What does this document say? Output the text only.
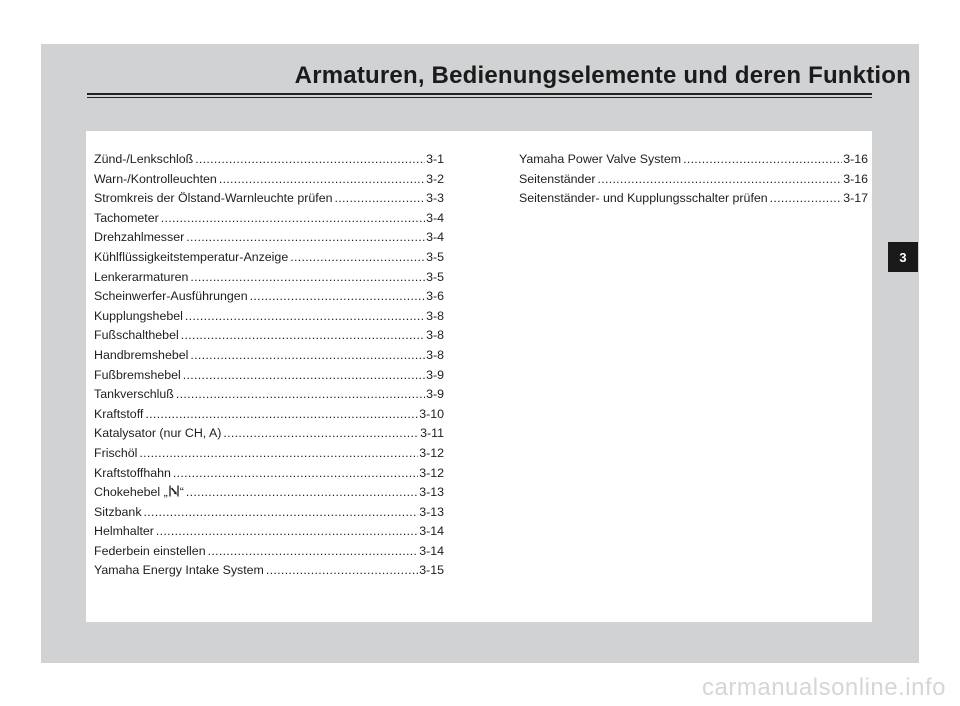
Armaturen, Bedienungselemente und deren Funktion
Zünd-/Lenkschloß .....	3-1
Warn-/Kontrolleuchten .....	3-2
Stromkreis der Ölstand-Warnleuchte prüfen .....	3-3
Tachometer .....	3-4
Drehzahlmesser .....	3-4
Kühlflüssigkeitstemperatur-Anzeige .....	3-5
Lenkerarmaturen .....	3-5
Scheinwerfer-Ausführungen .....	3-6
Kupplungshebel .....	3-8
Fußschalthebel .....	3-8
Handbremshebel .....	3-8
Fußbremshebel .....	3-9
Tankverschluß .....	3-9
Kraftstoff .....	3-10
Katalysator (nur CH, A) .....	3-11
Frischöl .....	3-12
Kraftstoffhahn .....	3-12
Chokehebel „ “ .....	3-13
Sitzbank .....	3-13
Helmhalter .....	3-14
Federbein einstellen .....	3-14
Yamaha Energy Intake System .....	3-15
Yamaha Power Valve System .....	3-16
Seitenständer .....	3-16
Seitenständer- und Kupplungsschalter prüfen .....	3-17
3
carmanualsonline.info
